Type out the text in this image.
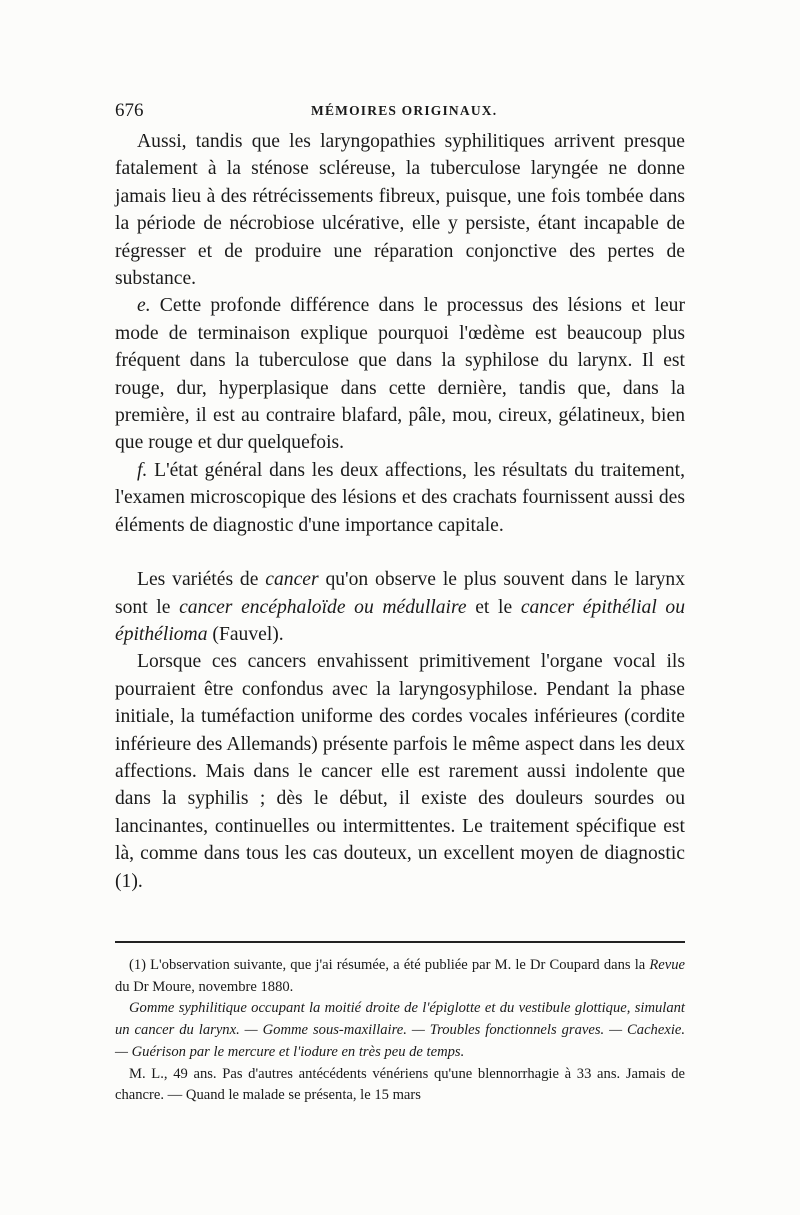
676	MÉMOIRES ORIGINAUX.

Aussi, tandis que les laryngopathies syphilitiques arrivent presque fatalement à la sténose scléreuse, la tuberculose laryngée ne donne jamais lieu à des rétrécissements fibreux, puisque, une fois tombée dans la période de nécrobiose ulcérative, elle y persiste, étant incapable de régresser et de produire une réparation conjonctive des pertes de substance.

e. Cette profonde différence dans le processus des lésions et leur mode de terminaison explique pourquoi l'œdème est beaucoup plus fréquent dans la tuberculose que dans la syphilose du larynx. Il est rouge, dur, hyperplasique dans cette dernière, tandis que, dans la première, il est au contraire blafard, pâle, mou, cireux, gélatineux, bien que rouge et dur quelquefois.

f. L'état général dans les deux affections, les résultats du traitement, l'examen microscopique des lésions et des crachats fournissent aussi des éléments de diagnostic d'une importance capitale.

Les variétés de cancer qu'on observe le plus souvent dans le larynx sont le cancer encéphaloïde ou médullaire et le cancer épithélial ou épithélioma (Fauvel).

Lorsque ces cancers envahissent primitivement l'organe vocal ils pourraient être confondus avec la laryngosyphilose. Pendant la phase initiale, la tuméfaction uniforme des cordes vocales inférieures (cordite inférieure des Allemands) présente parfois le même aspect dans les deux affections. Mais dans le cancer elle est rarement aussi indolente que dans la syphilis ; dès le début, il existe des douleurs sourdes ou lancinantes, continuelles ou intermittentes. Le traitement spécifique est là, comme dans tous les cas douteux, un excellent moyen de diagnostic (1).

(1) L'observation suivante, que j'ai résumée, a été publiée par M. le Dr Coupard dans la Revue du Dr Moure, novembre 1880.

Gomme syphilitique occupant la moitié droite de l'épiglotte et du vestibule glottique, simulant un cancer du larynx. — Gomme sous-maxillaire. — Troubles fonctionnels graves. — Cachexie. — Guérison par le mercure et l'iodure en très peu de temps.

M. L., 49 ans. Pas d'autres antécédents vénériens qu'une blennorrhagie à 33 ans. Jamais de chancre. — Quand le malade se présenta, le 15 mars
